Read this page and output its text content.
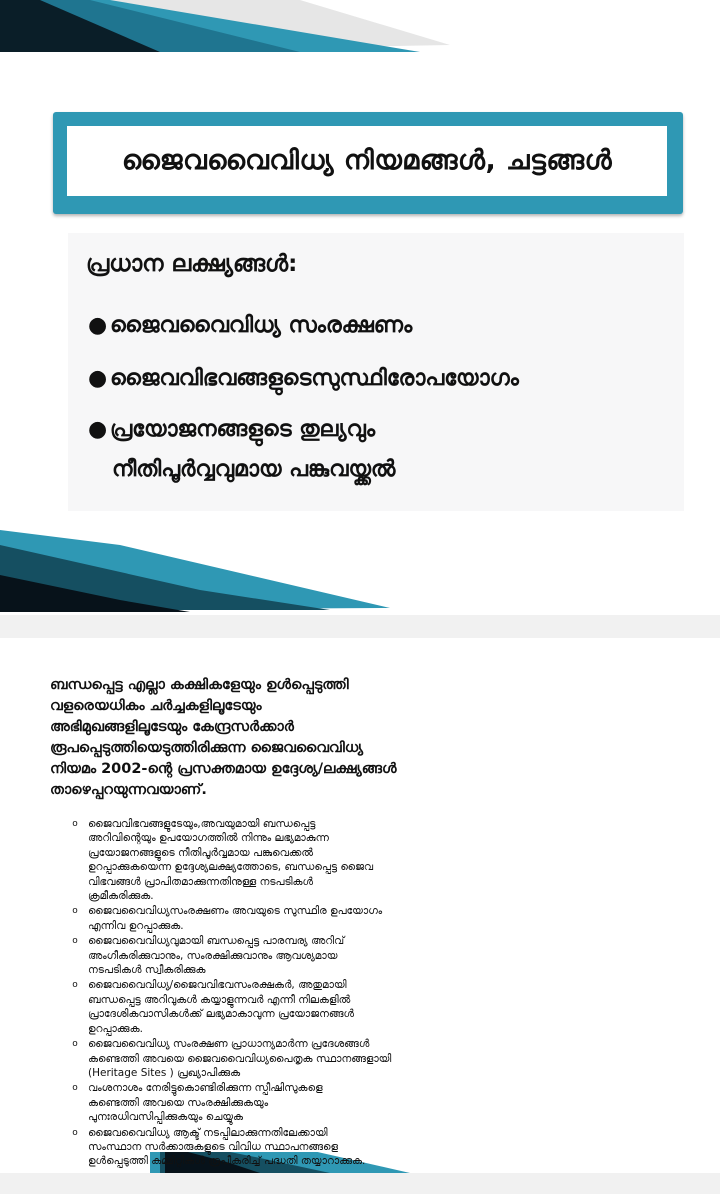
ജൈവവൈവിധ്യ നിയമങ്ങൾ, ചട്ടങ്ങൾ
പ്രധാന ലക്ഷ്യങ്ങൾ:
● ജൈവവൈവിധ്യ സംരക്ഷണം
● ജൈവവിഭവങ്ങളുടെസുസ്ഥിരോപയോഗം
● പ്രയോജനങ്ങളുടെ തുല്യവും
നീതിപൂർവ്വവുമായ പങ്കുവയ്ക്കൽ
ബന്ധപ്പെട്ട എല്ലാ കക്ഷികളേയും ഉൾപ്പെടുത്തി
വളരെയധികം ചർച്ചകളിലൂടേയും
അഭിമുഖങ്ങളിലൂടേയും കേന്ദ്രസർക്കാർ
രൂപപ്പെടുത്തിയെടുത്തിരിക്കുന്ന ജൈവവൈവിധ്യ
നിയമം 2002-ന്റെ പ്രസക്തമായ ഉദ്ദേശ്യ/ലക്ഷ്യങ്ങൾ
താഴെപ്പറയുന്നവയാണ്.
o ജൈവവിഭവങ്ങളുടേയും,അവയുമായി ബന്ധപ്പെട്ട
അറിവിന്റെയും ഉപയോഗത്തിൽ നിന്നും ലഭ്യമാകുന്ന
പ്രയോജനങ്ങളുടെ നീതിപൂർവ്വമായ പങ്കുവെക്കൽ
ഉറപ്പാക്കുകയെന്ന ഉദ്ദേശ്യലക്ഷ്യത്തോടെ, ബന്ധപ്പെട്ട ജൈവ
വിഭവങ്ങൾ പ്രാപിതമാക്കുന്നതിനുള്ള നടപടികൾ
ക്രമീകരിക്കുക.
o ജൈവവൈവിധ്യസംരക്ഷണം അവയുടെ സുസ്ഥിര ഉപയോഗം
എന്നിവ ഉറപ്പാക്കുക.
o ജൈവവൈവിധ്യവുമായി ബന്ധപ്പെട്ട പാരമ്പര്യ അറിവ്
അംഗീകരിക്കുവാനും, സംരക്ഷിക്കുവാനും ആവശ്യമായ
നടപടികൾ സ്വീകരിക്കുക
o ജൈവവൈവിധ്യ/ജൈവവിഭവസംരക്ഷകർ, അതുമായി
ബന്ധപ്പെട്ട അറിവുകൾ കയ്യാളുന്നവർ എന്നീ നിലകളിൽ
പ്രാദേശികവാസികൾക്ക് ലഭ്യമാകാവുന്ന പ്രയോജനങ്ങൾ
ഉറപ്പാക്കുക.
o ജൈവവൈവിധ്യ സംരക്ഷണ പ്രാധാന്യമാർന്ന പ്രദേശങ്ങൾ
കണ്ടെത്തി അവയെ ജൈവവൈവിധ്യപൈതൃക സ്ഥാനങ്ങളായി
(Heritage Sites ) പ്രഖ്യാപിക്കുക
o വംശനാശം നേരിട്ടുകൊണ്ടിരിക്കുന്ന സ്പീഷിസുകളെ
കണ്ടെത്തി അവയെ സംരക്ഷിക്കുകയും
പുനഃരധിവസിപ്പിക്കുകയും ചെയ്യുക
o ജൈവവൈവിധ്യ ആക്ട് നടപ്പിലാക്കുന്നതിലേക്കായി
സംസ്ഥാന സർക്കാരുകളുടെ വിവിധ സ്ഥാപനങ്ങളെ
ഉൾപ്പെടുത്തി കമ്മിറ്റികൾ രൂപീകരിച്ച് പദ്ധതി തയ്യാറാക്കുക.
